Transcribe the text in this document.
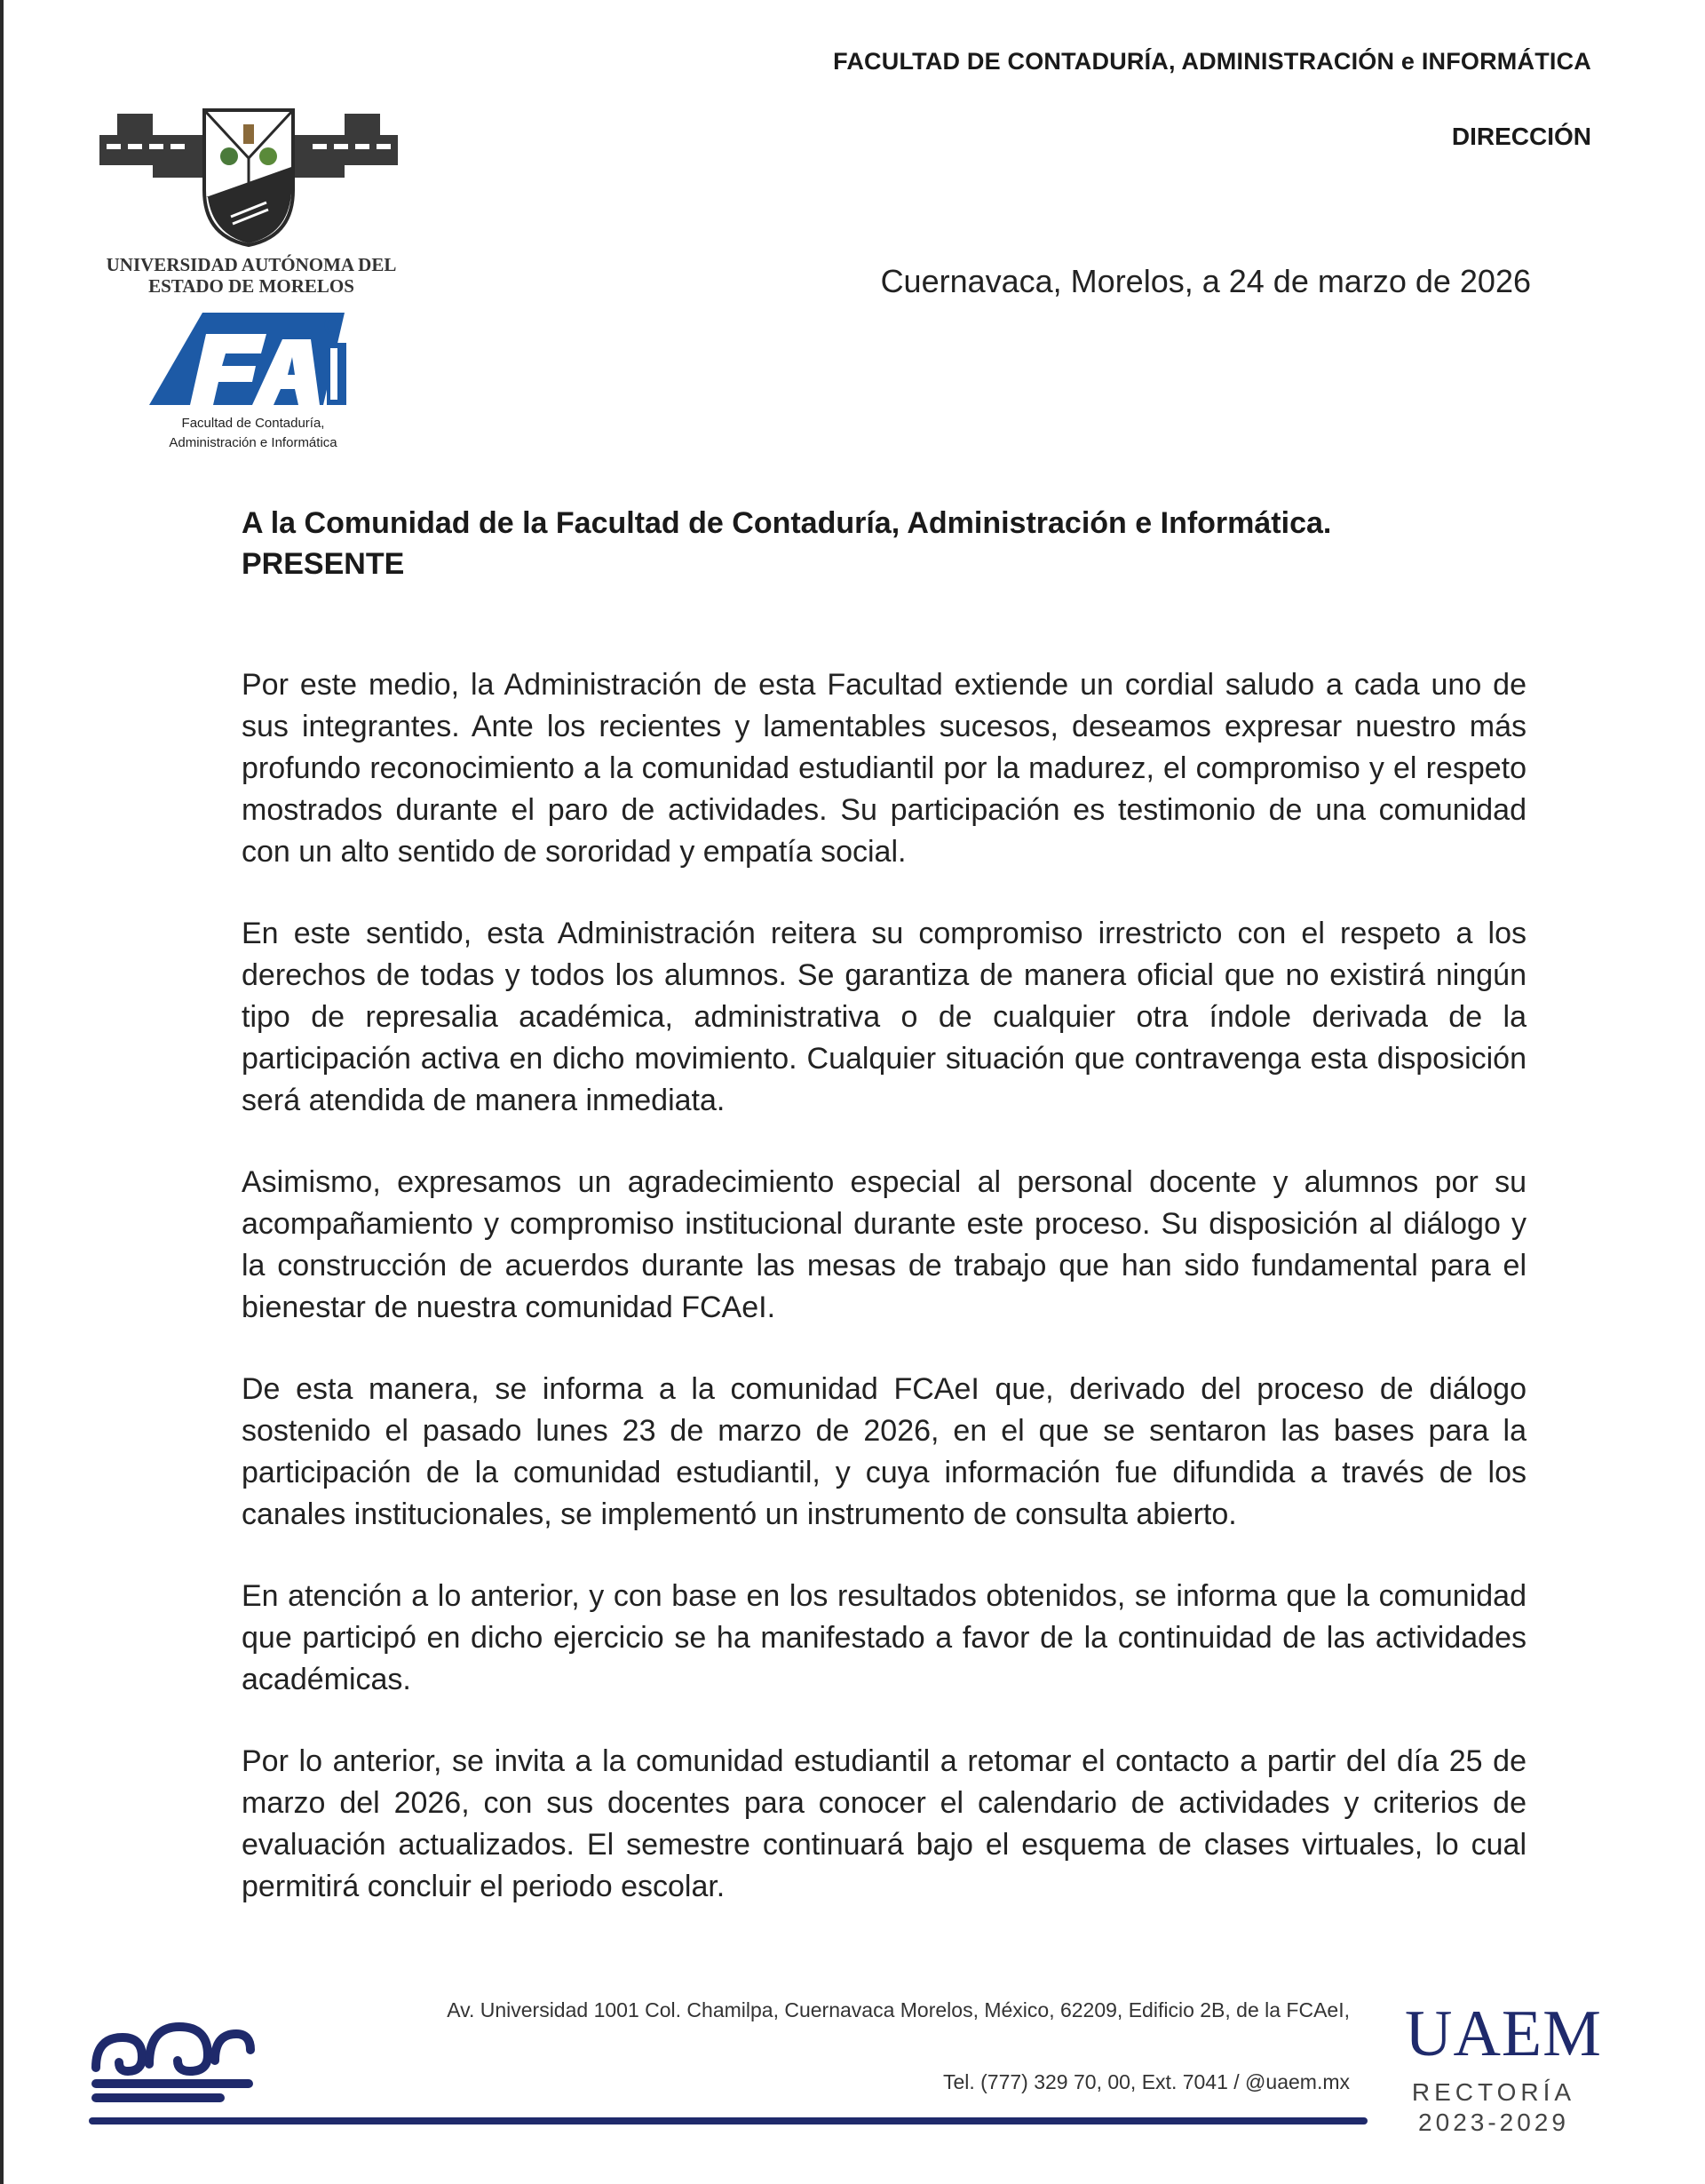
FACULTAD DE CONTADURÍA, ADMINISTRACIÓN e INFORMÁTICA
DIRECCIÓN
Cuernavaca, Morelos, a 24 de marzo de 2026
UNIVERSIDAD AUTÓNOMA DEL
ESTADO DE MORELOS
e
Facultad de Contaduría,
Administración e Informática
A la Comunidad de la Facultad de Contaduría, Administración e Informática.
PRESENTE

Por este medio, la Administración de esta Facultad extiende un cordial saludo a cada uno de sus integrantes. Ante los recientes y lamentables sucesos, deseamos expresar nuestro más profundo reconocimiento a la comunidad estudiantil por la madurez, el compromiso y el respeto mostrados durante el paro de actividades. Su participación es testimonio de una comunidad con un alto sentido de sororidad y empatía social.

En este sentido, esta Administración reitera su compromiso irrestricto con el respeto a los derechos de todas y todos los alumnos. Se garantiza de manera oficial que no existirá ningún tipo de represalia académica, administrativa o de cualquier otra índole derivada de la participación activa en dicho movimiento. Cualquier situación que contravenga esta disposición será atendida de manera inmediata.

Asimismo, expresamos un agradecimiento especial al personal docente y alumnos por su acompañamiento y compromiso institucional durante este proceso. Su disposición al diálogo y la construcción de acuerdos durante las mesas de trabajo que han sido fundamental para el bienestar de nuestra comunidad FCAeI.

De esta manera, se informa a la comunidad FCAeI que, derivado del proceso de diálogo sostenido el pasado lunes 23 de marzo de 2026, en el que se sentaron las bases para la participación de la comunidad estudiantil, y cuya información fue difundida a través de los canales institucionales, se implementó un instrumento de consulta abierto.

En atención a lo anterior, y con base en los resultados obtenidos, se informa que la comunidad que participó en dicho ejercicio se ha manifestado a favor de la continuidad de las actividades académicas.

Por lo anterior, se invita a la comunidad estudiantil a retomar el contacto a partir del día 25 de marzo del 2026, con sus docentes para conocer el calendario de actividades y criterios de evaluación actualizados. El semestre continuará bajo el esquema de clases virtuales, lo cual permitirá concluir el periodo escolar.

Av. Universidad 1001 Col. Chamilpa, Cuernavaca Morelos, México, 62209, Edificio 2B, de la FCAeI,
Tel. (777) 329 70, 00, Ext. 7041 / @uaem.mx
UAEM
RECTORÍA
2023-2029
